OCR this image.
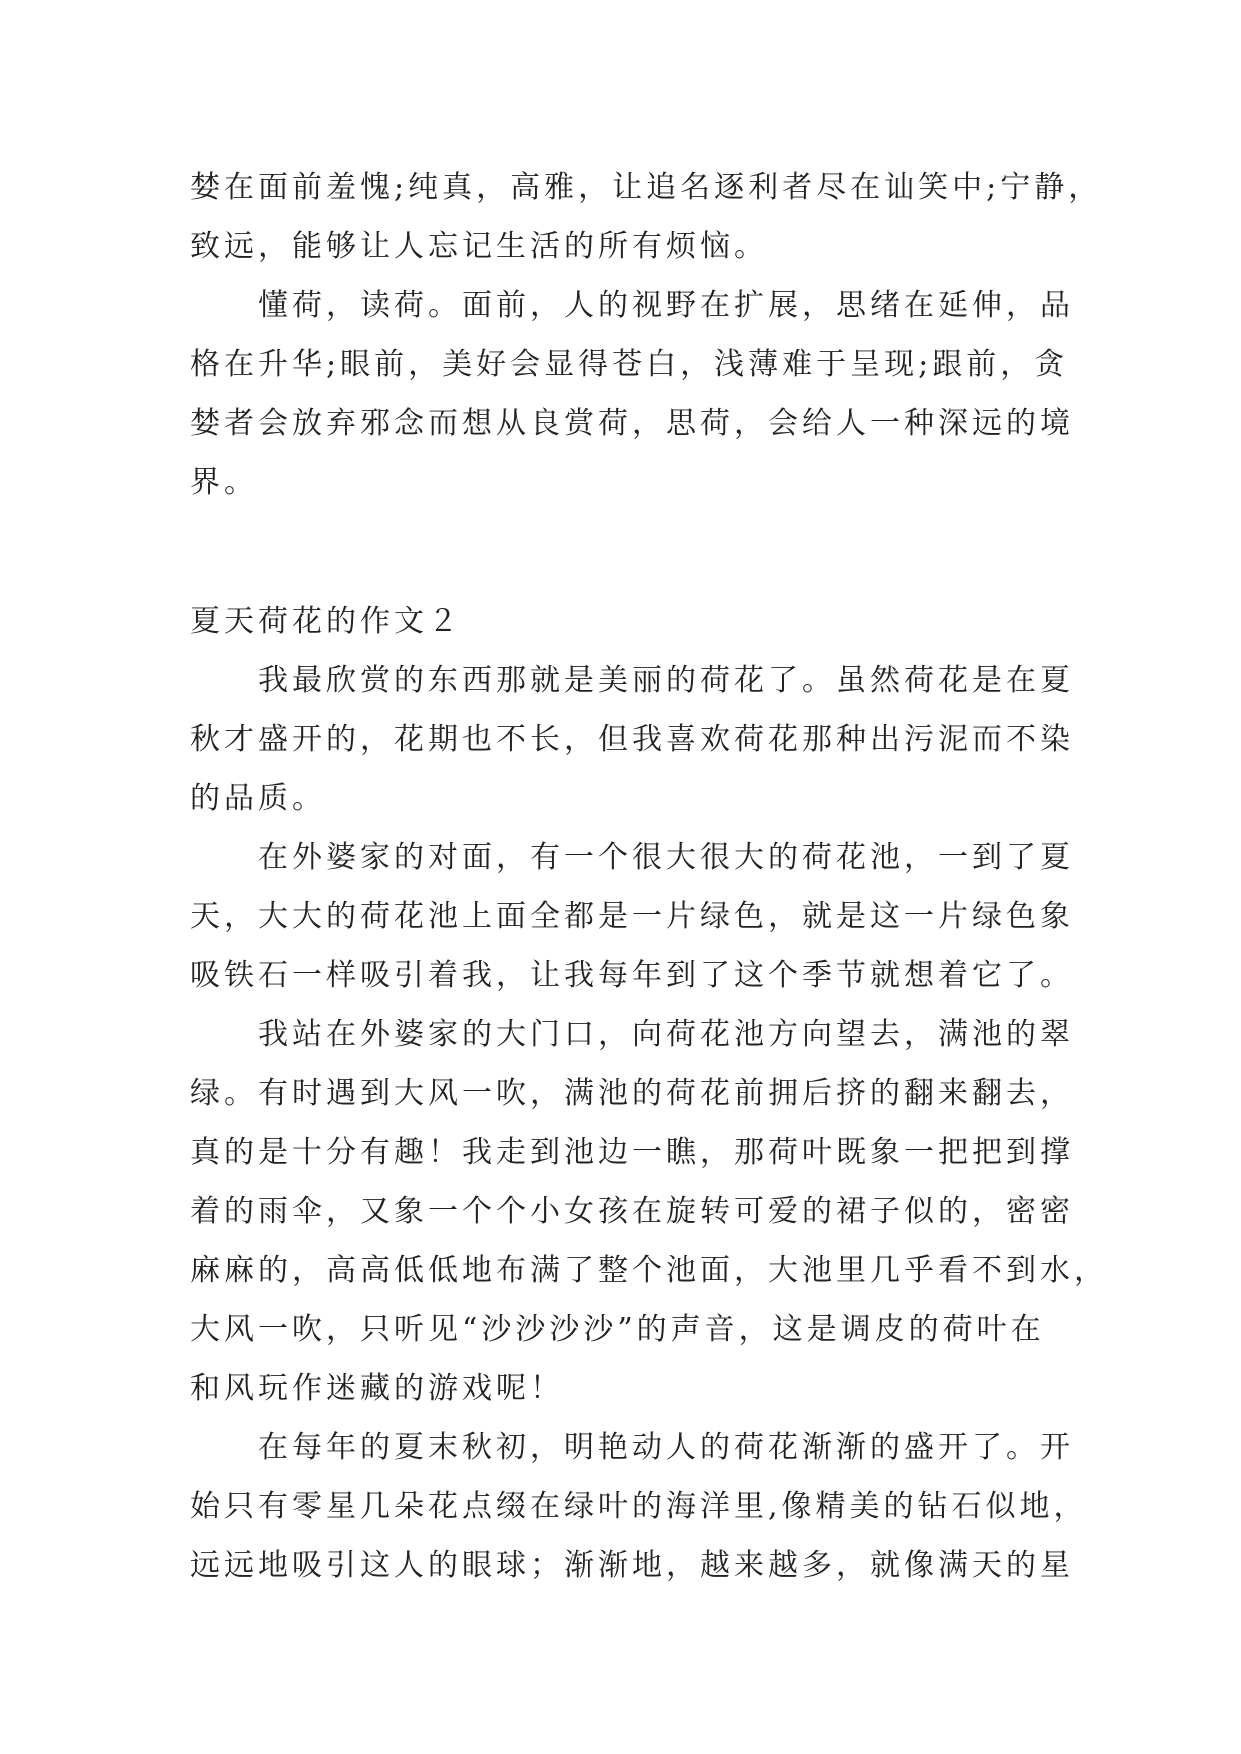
婪在面前羞愧;纯真，高雅，让追名逐利者尽在讪笑中;宁静，
致远，能够让人忘记生活的所有烦恼。
懂荷，读荷。面前，人的视野在扩展，思绪在延伸，品
格在升华;眼前，美好会显得苍白，浅薄难于呈现;跟前，贪
婪者会放弃邪念而想从良赏荷，思荷，会给人一种深远的境
界。
夏天荷花的作文２
我最欣赏的东西那就是美丽的荷花了。虽然荷花是在夏
秋才盛开的，花期也不长，但我喜欢荷花那种出污泥而不染
的品质。
在外婆家的对面，有一个很大很大的荷花池，一到了夏
天，大大的荷花池上面全都是一片绿色，就是这一片绿色象
吸铁石一样吸引着我，让我每年到了这个季节就想着它了。
我站在外婆家的大门口，向荷花池方向望去，满池的翠
绿。有时遇到大风一吹，满池的荷花前拥后挤的翻来翻去，
真的是十分有趣！我走到池边一瞧，那荷叶既象一把把到撑
着的雨伞，又象一个个小女孩在旋转可爱的裙子似的，密密
麻麻的，高高低低地布满了整个池面，大池里几乎看不到水，
大风一吹，只听见“沙沙沙沙”的声音，这是调皮的荷叶在
和风玩作迷藏的游戏呢！
在每年的夏末秋初，明艳动人的荷花渐渐的盛开了。开
始只有零星几朵花点缀在绿叶的海洋里,像精美的钻石似地，
远远地吸引这人的眼球；渐渐地，越来越多，就像满天的星
